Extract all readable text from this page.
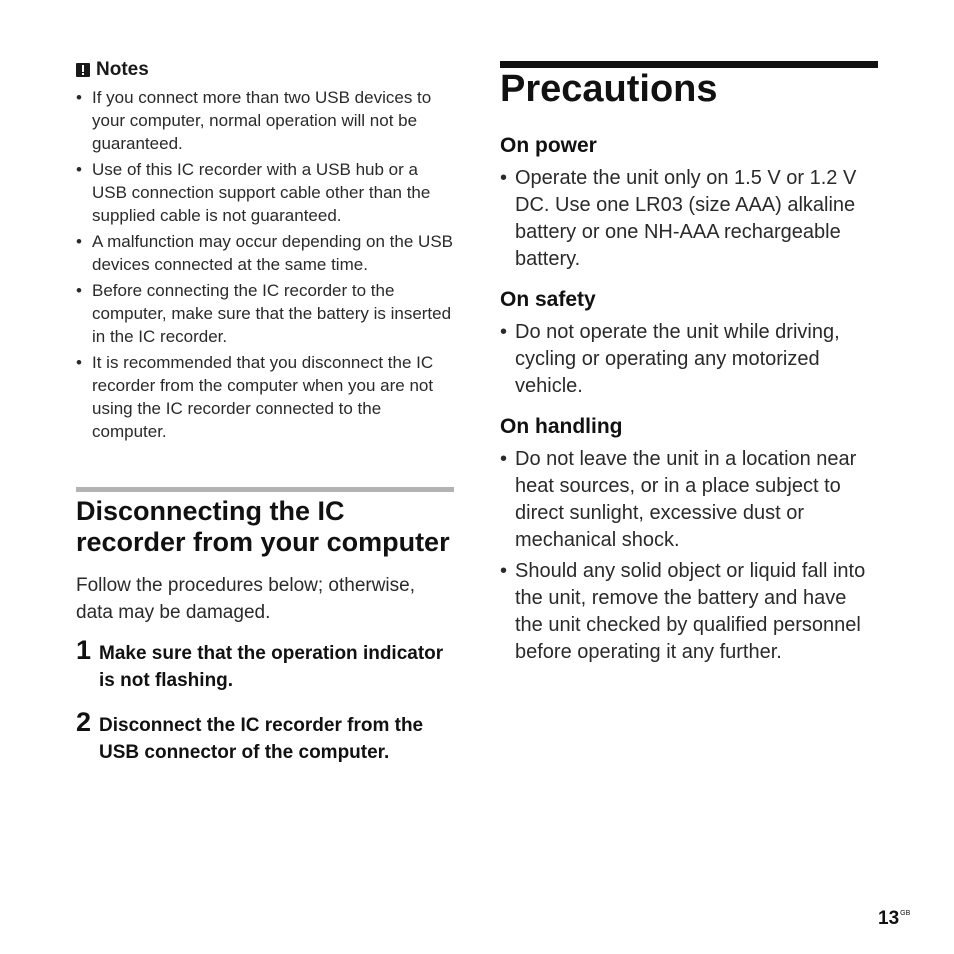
Notes
• If you connect more than two USB devices to your computer, normal operation will not be guaranteed.
• Use of this IC recorder with a USB hub or a USB connection support cable other than the supplied cable is not guaranteed.
• A malfunction may occur depending on the USB devices connected at the same time.
• Before connecting the IC recorder to the computer, make sure that the battery is inserted in the IC recorder.
• It is recommended that you disconnect the IC recorder from the computer when you are not using the IC recorder connected to the computer.
Disconnecting the IC recorder from your computer

Follow the procedures below; otherwise, data may be damaged.

1 Make sure that the operation indicator is not flashing.
2 Disconnect the IC recorder from the USB connector of the computer.
Precautions
On power
• Operate the unit only on 1.5 V or 1.2 V DC. Use one LR03 (size AAA) alkaline battery or one NH-AAA rechargeable battery.
On safety
• Do not operate the unit while driving, cycling or operating any motorized vehicle.
On handling
• Do not leave the unit in a location near heat sources, or in a place subject to direct sunlight, excessive dust or mechanical shock.
• Should any solid object or liquid fall into the unit, remove the battery and have the unit checked by qualified personnel before operating it any further.
$13^{GB}$
